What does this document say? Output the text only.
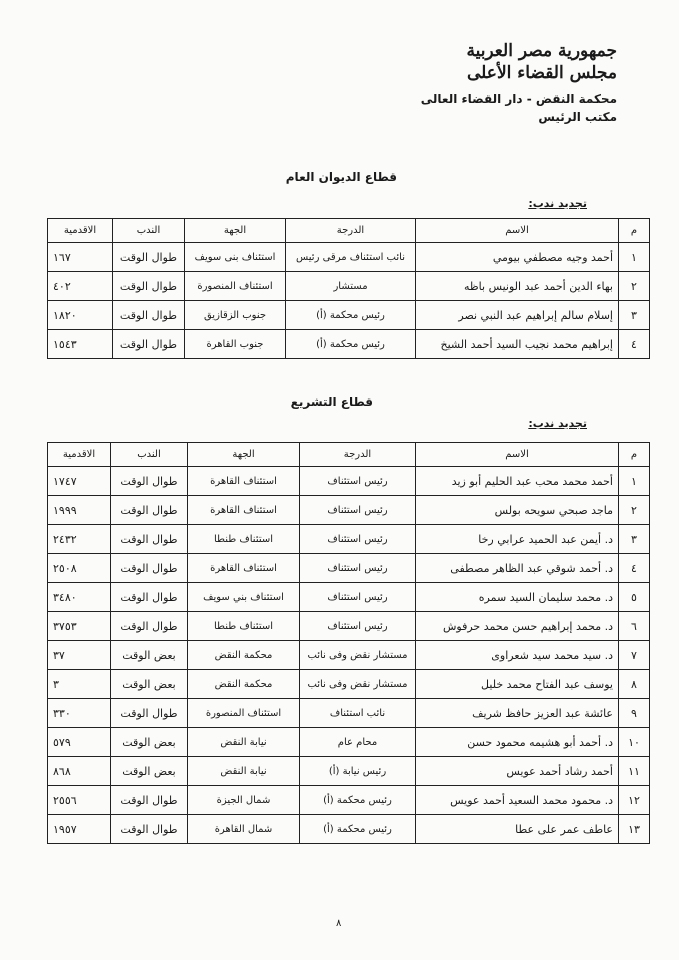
جمهورية مصر العربية
مجلس القضاء الأعلى
محكمة النقض - دار القضاء العالى
مكتب الرئيس
قطاع الديوان العام
تجديد ندب:
م	الاسم	الدرجة	الجهة	الندب	الاقدمية
١	أحمد وجيه مصطفي بيومي	نائب استئناف مرقى رئيس	استئناف بنى سويف	طوال الوقت	١٦٧
٢	بهاء الدين أحمد عبد الونيس باظه	مستشار	استئناف المنصورة	طوال الوقت	٤٠٢
٣	إسلام سالم إبراهيم عبد النبي نصر	رئيس محكمة (أ)	جنوب الزقازيق	طوال الوقت	١٨٢٠
٤	إبراهيم محمد نجيب السيد أحمد الشيخ	رئيس محكمة (أ)	جنوب القاهرة	طوال الوقت	١٥٤٣
قطاع التشريع
تجديد ندب:
م	الاسم	الدرجة	الجهة	الندب	الاقدمية
١	أحمد محمد محب عبد الحليم أبو زيد	رئيس استئناف	استئناف القاهرة	طوال الوقت	١٧٤٧
٢	ماجد صبحي سويحه بولس	رئيس استئناف	استئناف القاهرة	طوال الوقت	١٩٩٩
٣	د. أيمن عبد الحميد عرابي رخا	رئيس استئناف	استئناف طنطا	طوال الوقت	٢٤٣٢
٤	د. أحمد شوقي عبد الظاهر مصطفى	رئيس استئناف	استئناف القاهرة	طوال الوقت	٢٥٠٨
٥	د. محمد سليمان السيد سمره	رئيس استئناف	استئناف بني سويف	طوال الوقت	٣٤٨٠
٦	د. محمد إبراهيم حسن محمد حرفوش	رئيس استئناف	استئناف طنطا	طوال الوقت	٣٧٥٣
٧	د. سيد محمد سيد شعراوى	مستشار نقض وفى نائب	محكمة النقض	بعض الوقت	٣٧
٨	يوسف عبد الفتاح محمد خليل	مستشار نقض وفى نائب	محكمة النقض	بعض الوقت	٣
٩	عائشة عبد العزيز حافظ شريف	نائب استئناف	استئناف المنصورة	طوال الوقت	٣٣٠
١٠	د. أحمد أبو هشيمه محمود حسن	محام عام	نيابة النقض	بعض الوقت	٥٧٩
١١	أحمد رشاد أحمد عويس	رئيس نيابة (أ)	نيابة النقض	بعض الوقت	٨٦٨
١٢	د. محمود محمد السعيد أحمد عويس	رئيس محكمة (أ)	شمال الجيزة	طوال الوقت	٢٥٥٦
١٣	عاطف عمر على عطا	رئيس محكمة (أ)	شمال القاهرة	طوال الوقت	١٩٥٧
٨
